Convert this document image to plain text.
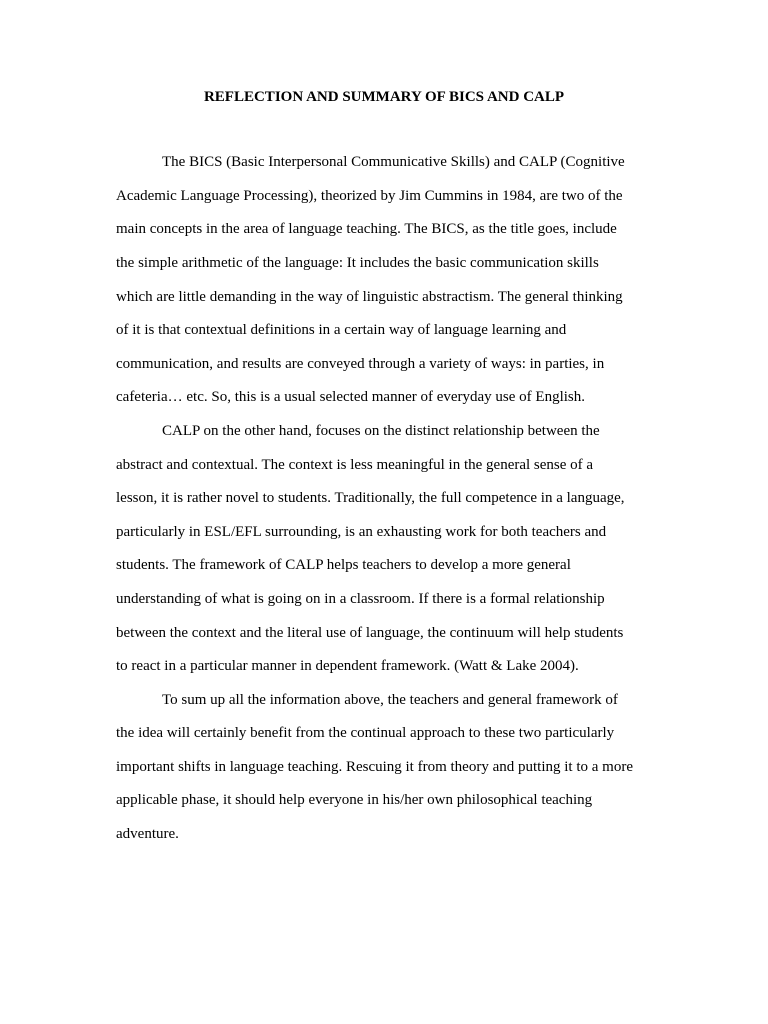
REFLECTION AND SUMMARY OF BICS AND CALP

The BICS (Basic Interpersonal Communicative Skills) and CALP (Cognitive

Academic Language Processing), theorized by Jim Cummins in 1984, are two of the

main concepts in the area of language teaching. The BICS, as the title goes, include

the simple arithmetic of the language: It includes the basic communication skills

which are little demanding in the way of linguistic abstractism. The general thinking

of it is that contextual definitions in a certain way of language learning and

communication, and results are conveyed through a variety of ways: in parties, in

cafeteria… etc. So, this is a usual selected manner of everyday use of English.

CALP on the other hand, focuses on the distinct relationship between the

abstract and contextual. The context is less meaningful in the general sense of a

lesson, it is rather novel to students. Traditionally, the full competence in a language,

particularly in ESL/EFL surrounding, is an exhausting work for both teachers and

students. The framework of CALP helps teachers to develop a more general

understanding of what is going on in a classroom. If there is a formal relationship

between the context and the literal use of language, the continuum will help students

to react in a particular manner in dependent framework. (Watt & Lake 2004).

To sum up all the information above, the teachers and general framework of

the idea will certainly benefit from the continual approach to these two particularly

important shifts in language teaching. Rescuing it from theory and putting it to a more

applicable phase, it should help everyone in his/her own philosophical teaching

adventure.
